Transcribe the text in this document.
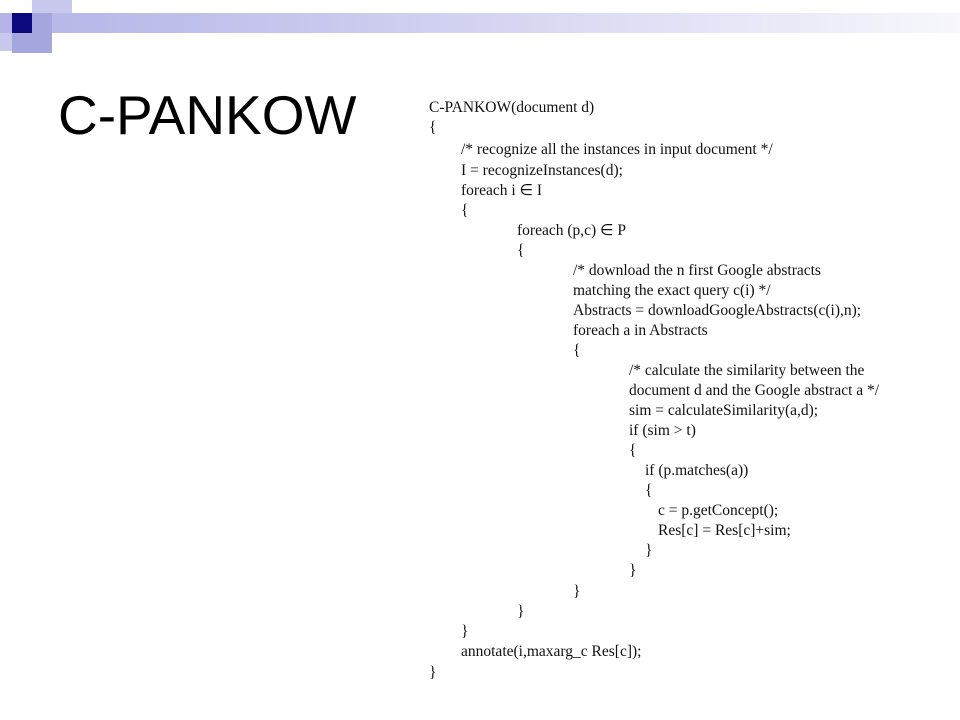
C-PANKOW	C-PANKOW(document d)
{
/* recognize all the instances in input document */
I = recognizeInstances(d);
foreach i ∈ I
{
foreach (p,c) ∈ P
{
/* download the n first Google abstracts
matching the exact query c(i) */
Abstracts = downloadGoogleAbstracts(c(i),n);
foreach a in Abstracts
{
/* calculate the similarity between the
document d and the Google abstract a */
sim = calculateSimilarity(a,d);
if (sim > t)
{
if (p.matches(a))
{
c = p.getConcept();
Res[c] = Res[c]+sim;
}
}
}
}
}
annotate(i,maxarg_c Res[c]);
}
